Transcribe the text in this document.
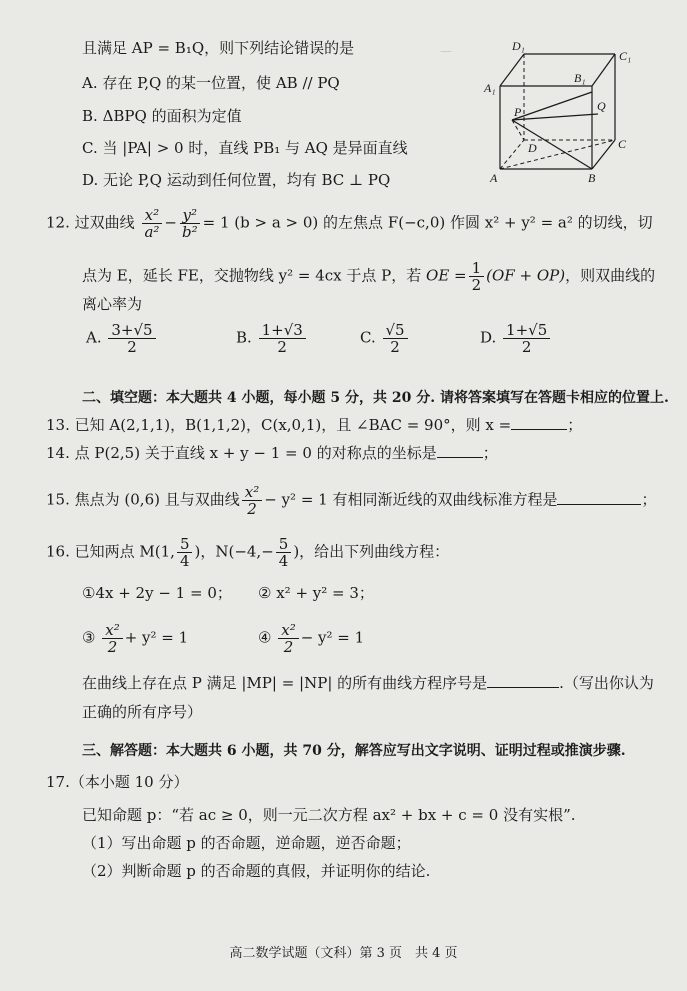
—
且满足 AP = B₁Q，则下列结论错误的是
A. 存在 P,Q 的某一位置，使 AB // PQ
B. ΔBPQ 的面积为定值
C. 当 |PA| > 0 时，直线 PB₁ 与 AQ 是异面直线
D. 无论 P,Q 运动到任何位置，均有 BC ⊥ PQ
D₁
C₁
A₁
B₁
Q
P
D	C
A	B
12. 过双曲线 $\frac{\text{x²}}{\text{a²}} - \frac{\text{y²}}{\text{b²}} = 1$ (b > a > 0) 的左焦点 F(−c,0) 作圆 x² + y² = a² 的切线，切
点为 E，延长 FE，交抛物线 y² = 4cx 于点 P，若 OE = $\frac{1}{2} (OF + OP)$，则双曲线的
离心率为
A. $\frac{3+√5}{2}$	B. $\frac{1+√3}{2}$	C. $\frac{√5}{2}$	D. $\frac{1+√5}{2}$
二、填空题：本大题共 4 小题，每小题 5 分，共 20 分. 请将答案填写在答题卡相应的位置上.
13. 已知 A(2,1,1)，B(1,1,2)，C(x,0,1)，且 ∠BAC = 90°，则 x =	；
14. 点 P(2,5) 关于直线 x + y − 1 = 0 的对称点的坐标是	；
15. 焦点为 (0,6) 且与双曲线 $\frac{\text{x²}}{2} - y^2 = 1$ 有相同渐近线的双曲线标准方程是	；
16. 已知两点 M(1, $\frac{5}{4}$ )，$N(-4,- \frac{5}{4}$ )，给出下列曲线方程：
①4x + 2y − 1 = 0； ② x² + y² = 3；
③ $\frac{\text{x²}}{2} + y^2 = 1$	④ $\frac{\text{x²}}{2} - y^2 = 1$
在曲线上存在点 P 满足 |MP| = |NP| 的所有曲线方程序号是	.（写出你认为
正确的所有序号）
三、解答题：本大题共 6 小题，共 70 分，解答应写出文字说明、证明过程或推演步骤.
17.（本小题 10 分）
已知命题 p：“若 ac ≥ 0，则一元二次方程 ax² + bx + c = 0 没有实根”.
（1）写出命题 p 的否命题，逆命题，逆否命题；
（2）判断命题 p 的否命题的真假，并证明你的结论.
高二数学试题（文科）第 3 页　共 4 页
